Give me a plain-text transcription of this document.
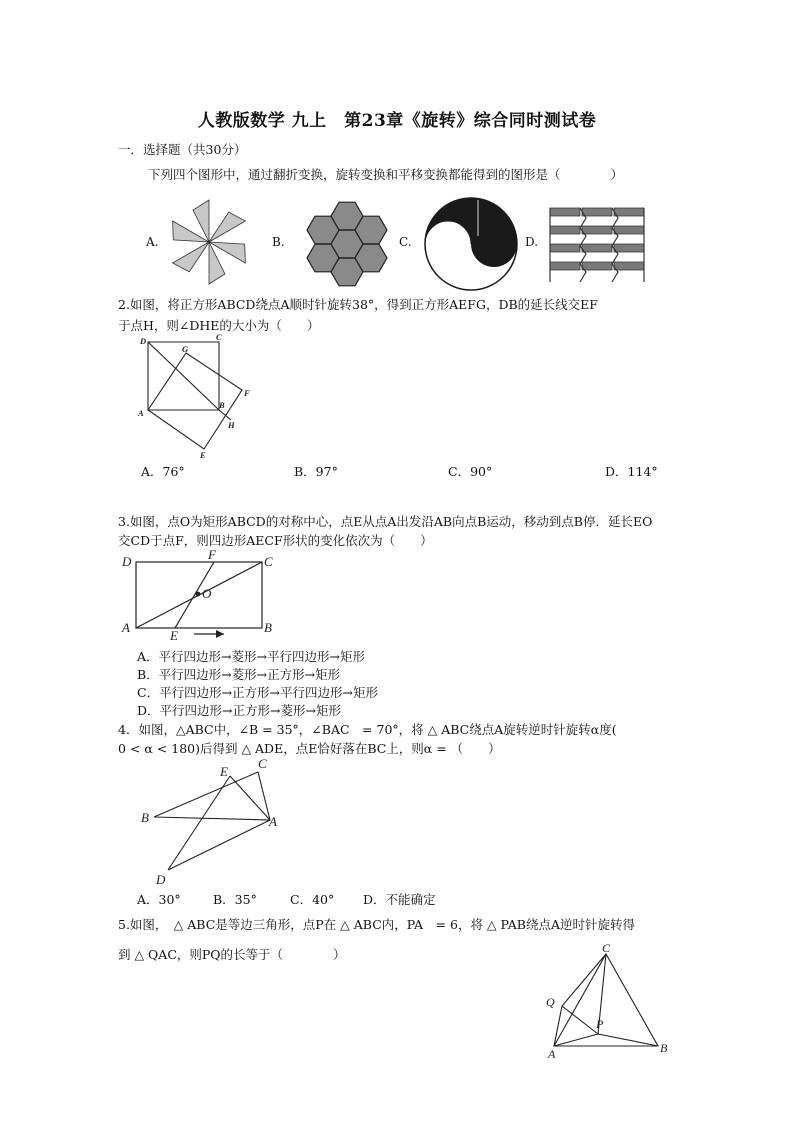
人教版数学 九上　第23章《旋转》综合同时测试卷
一．选择题（共30分）
下列四个图形中，通过翻折变换，旋转变换和平移变换都能得到的图形是（　　　　）
A.	B.	C.	D.
2.如图，将正方形ABCD绕点A顺时针旋转38°，得到正方形AEFG，DB的延长线交EF
于点H，则∠DHE的大小为（　　）
D
G
C
F
A
B
H
E
A．76°	B．97°	C．90°	D．114°
3.如图，点O为矩形ABCD的对称中心，点E从点A出发沿AB向点B运动，移动到点B停．延长EO
交CD于点F，则四边形AECF形状的变化依次为（　　）
D	F	C
O
A
E
B
A．平行四边形→菱形→平行四边形→矩形
B．平行四边形→菱形→正方形→矩形
C．平行四边形→正方形→平行四边形→矩形
D．平行四边形→正方形→菱形→矩形
4．如图，△ABC中，∠B = 35°，∠BAC　= 70°，将 △ ABC绕点A旋转逆时针旋转α度(
0 < α < 180)后得到 △ ADE，点E恰好落在BC上，则α = （　　）
E
C
B	A
D
A．30°	B．35°	C．40° D．不能确定
5.如图，　△ ABC是等边三角形，点P在 △ ABC内，PA　= 6，将 △ PAB绕点A逆时针旋转得
到 △ QAC，则PQ的长等于（　　　　）	C
Q
P
A	B
